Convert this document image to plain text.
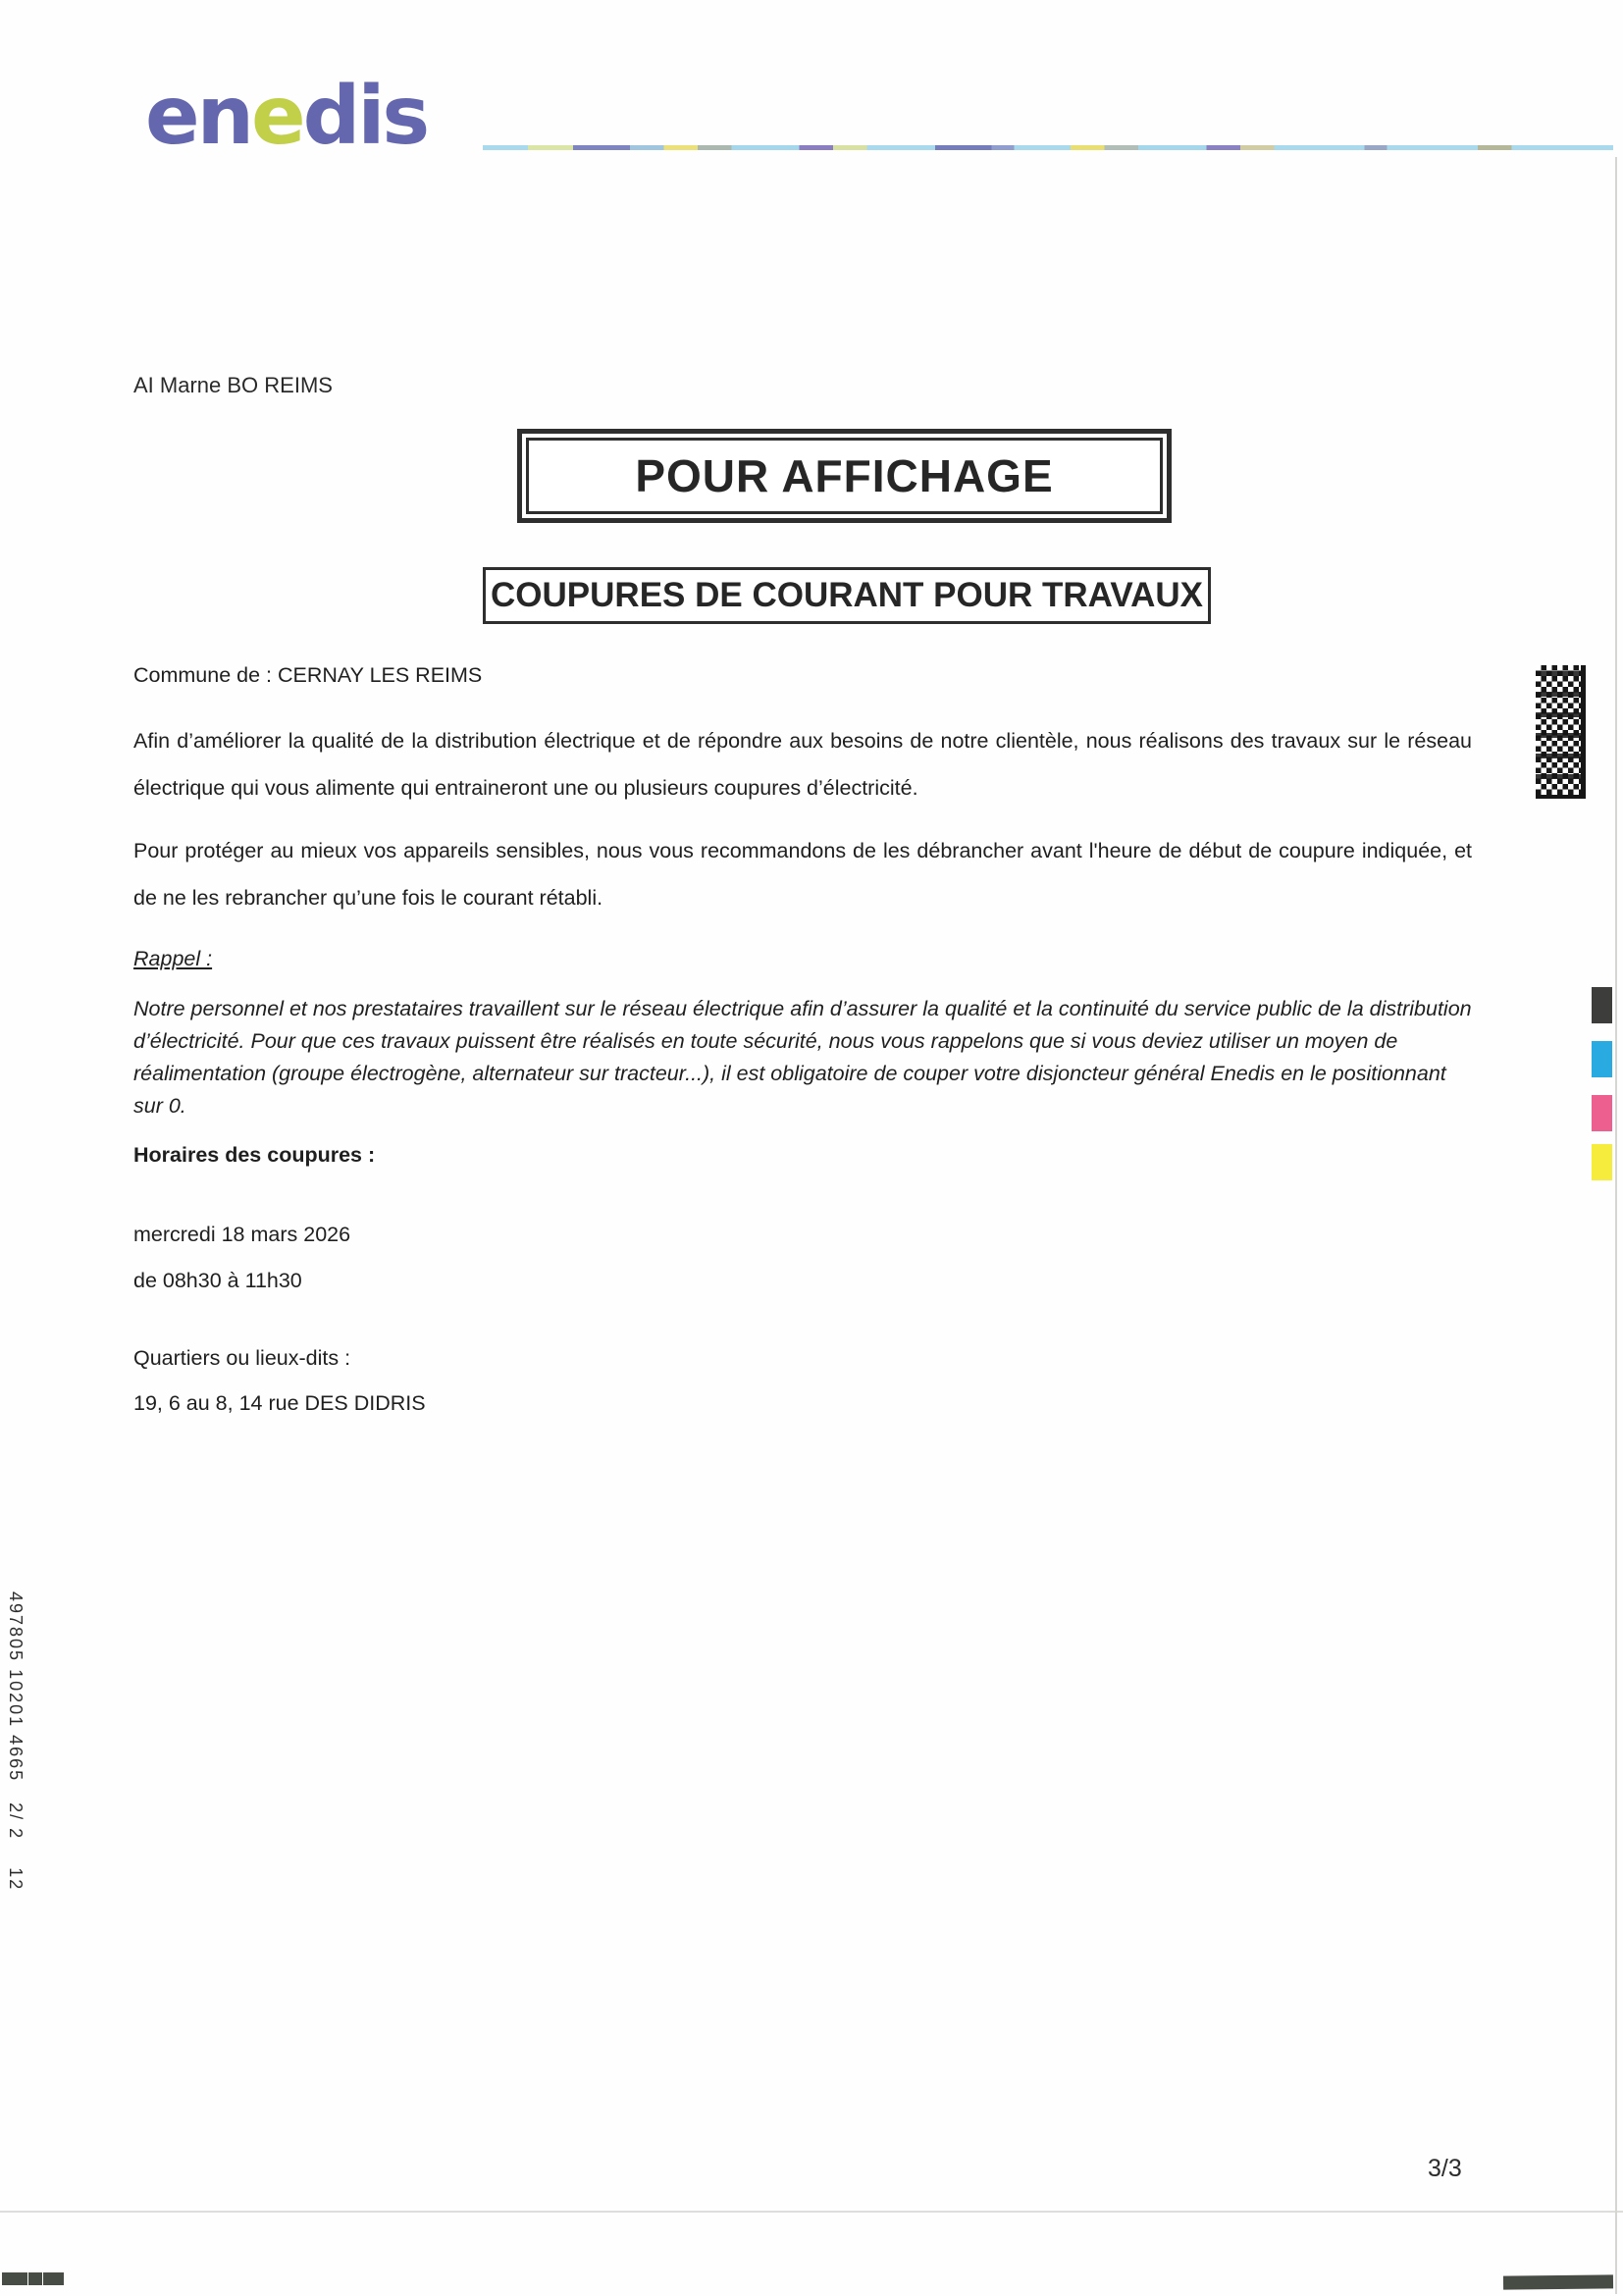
enedis
AI Marne BO REIMS
POUR AFFICHAGE
COUPURES DE COURANT POUR TRAVAUX

Commune de : CERNAY LES REIMS

Afin d’améliorer la qualité de la distribution électrique et de répondre aux besoins de notre clientèle, nous réalisons des travaux sur le réseau électrique qui vous alimente qui entraineront une ou plusieurs coupures d’électricité.

Pour protéger au mieux vos appareils sensibles, nous vous recommandons de les débrancher avant l'heure de début de coupure indiquée, et de ne les rebrancher qu’une fois le courant rétabli.

Rappel :

Notre personnel et nos prestataires travaillent sur le réseau électrique afin d’assurer la qualité et la continuité du service public de la distribution d’électricité. Pour que ces travaux puissent être réalisés en toute sécurité, nous vous rappelons que si vous deviez utiliser un moyen de réalimentation (groupe électrogène, alternateur sur tracteur...), il est obligatoire de couper votre disjoncteur général Enedis en le positionnant sur 0.

Horaires des coupures :

mercredi 18 mars 2026

de 08h30 à 11h30

Quartiers ou lieux-dits :

19, 6 au 8, 14 rue DES DIDRIS

497805 10201 4665   2/ 2    12
3/3
